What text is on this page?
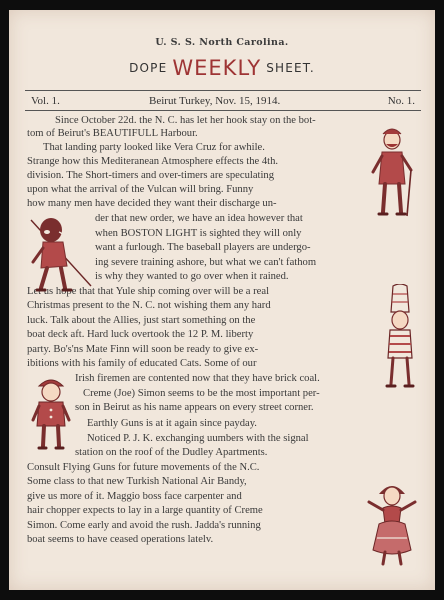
U. S. S. North Carolina.
DOPE WEEKLY SHEET.
Vol. 1.	Beirut Turkey, Nov. 15, 1914.	No. 1.
Since October 22d. the N. C. has let her hook stay on the bot-
tom of Beirut's BEAUTIFULL Harbour.
That landing party looked like Vera Cruz for awhile.
Strange how this Mediteranean Atmosphere effects the 4th.
division. The Short-timers and over-timers are speculating
upon what the arrival of the Vulcan will bring. Funny
how many men have decided they want their discharge un-
der that new order, we have an idea however that
when BOSTON LIGHT is sighted they will only
want a furlough. The baseball players are undergo-
ing severe training ashore, but what we can't fathom
is why they wanted to go over when it rained.
Let us hope that that Yule ship coming over will be a real
Christmas present to the N. C. not wishing them any hard
luck. Talk about the Allies, just start something on the
boat deck aft. Hard luck overtook the 12 P. M. liberty
party. Bo's'ns Mate Finn will soon be ready to give ex-
ibitions with his family of educated Cats. Some of our
Irish firemen are contented now that they have brick coal.
Creme (Joe) Simon seems to be the most important per-
son in Beirut as his name appears on every street corner.
Earthly Guns is at it again since payday.
Noticed P. J. K. exchanging uumbers with the signal
station on the roof of the Dudley Apartments.
Consult Flying Guns for future movements of the N.C.
Some class to that new Turkish National Air Bandy,
give us more of it. Maggio boss face carpenter and
hair chopper expects to lay in a large quantity of Creme
Simon. Come early and avoid the rush. Jadda's running
boat seems to have ceased operations latelv.
